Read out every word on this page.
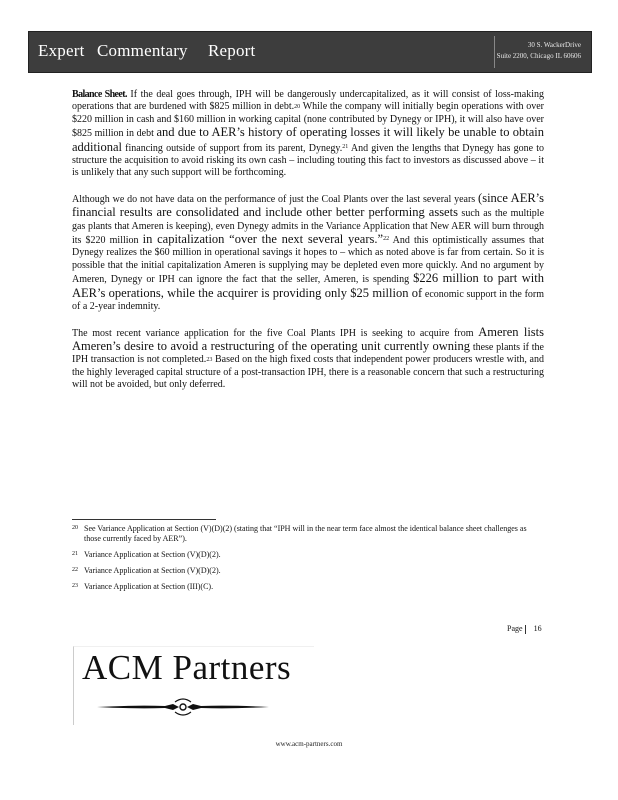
Expert Commentary Report	30 S. WackerDrive
Suite 2200, Chicago IL 60606

Balance Sheet. If the deal goes through, IPH will be dangerously undercapitalized, as it will consist of loss-making operations that are burdened with $825 million in debt.$^{20}$ While the company will initially begin operations with over $220 million in cash and $160 million in working capital (none contributed by Dynegy or IPH), it will also have over $825 million in debt and due to AER’s history of operating losses it will likely be unable to obtain additional financing outside of support from its parent, Dynegy.$^{21}$ And given the lengths that Dynegy has gone to structure the acquisition to avoid risking its own cash – including touting this fact to investors as discussed above – it is unlikely that any such support will be forthcoming.

Although we do not have data on the performance of just the Coal Plants over the last several years (since AER’s financial results are consolidated and include other better performing assets such as the multiple gas plants that Ameren is keeping), even Dynegy admits in the Variance Application that New AER will burn through its $220 million in capitalization “over the next several years.”$^{22}$ And this optimistically assumes that Dynegy realizes the $60 million in operational savings it hopes to – which as noted above is far from certain. So it is possible that the initial capitalization Ameren is supplying may be depleted even more quickly. And no argument by Ameren, Dynegy or IPH can ignore the fact that the seller, Ameren, is spending $226 million to part with AER’s operations, while the acquirer is providing only $25 million of economic support in the form of a 2-year indemnity.

The most recent variance application for the five Coal Plants IPH is seeking to acquire from Ameren lists Ameren’s desire to avoid a restructuring of the operating unit currently owning these plants if the IPH transaction is not completed.$^{23}$ Based on the high fixed costs that independent power producers wrestle with, and the highly leveraged capital structure of a post-transaction IPH, there is a reasonable concern that such a restructuring will not be avoided, but only deferred.

20 See Variance Application at Section (V)(D)(2) (stating that “IPH will in the near term face almost the identical balance sheet challenges as those currently faced by AER”).
21 Variance Application at Section (V)(D)(2).
22 Variance Application at Section (V)(D)(2).
23 Variance Application at Section (III)(C).
Page 16
ACM Partners
www.acm-partners.com
